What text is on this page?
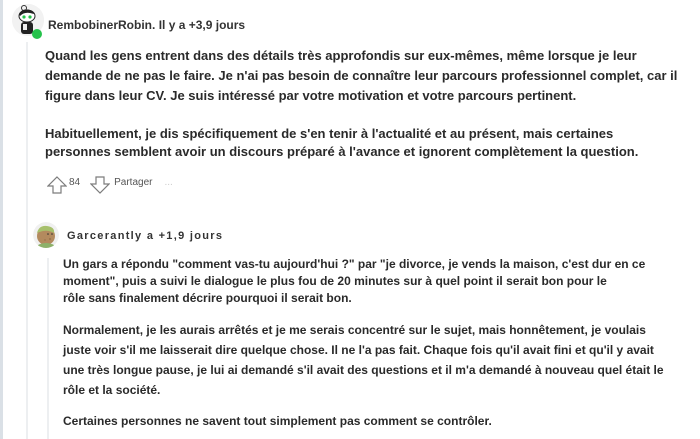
RembobinerRobin. Il y a +3,9 jours

Quand les gens entrent dans des détails très approfondis sur eux-mêmes, même lorsque je leur
demande de ne pas le faire. Je n'ai pas besoin de connaître leur parcours professionnel complet, car il
figure dans leur CV. Je suis intéressé par votre motivation et votre parcours pertinent.

Habituellement, je dis spécifiquement de s'en tenir à l'actualité et au présent, mais certaines
personnes semblent avoir un discours préparé à l'avance et ignorent complètement la question.

84	Partager ...
Garcerantly a +1,9 jours

Un gars a répondu "comment vas-tu aujourd'hui ?" par "je divorce, je vends la maison, c'est dur en ce
moment", puis a suivi le dialogue le plus fou de 20 minutes sur à quel point il serait bon pour le
rôle sans finalement décrire pourquoi il serait bon.

Normalement, je les aurais arrêtés et je me serais concentré sur le sujet, mais honnêtement, je voulais
juste voir s'il me laisserait dire quelque chose. Il ne l'a pas fait. Chaque fois qu'il avait fini et qu'il y avait
une très longue pause, je lui ai demandé s'il avait des questions et il m'a demandé à nouveau quel était le
rôle et la société.

Certaines personnes ne savent tout simplement pas comment se contrôler.
